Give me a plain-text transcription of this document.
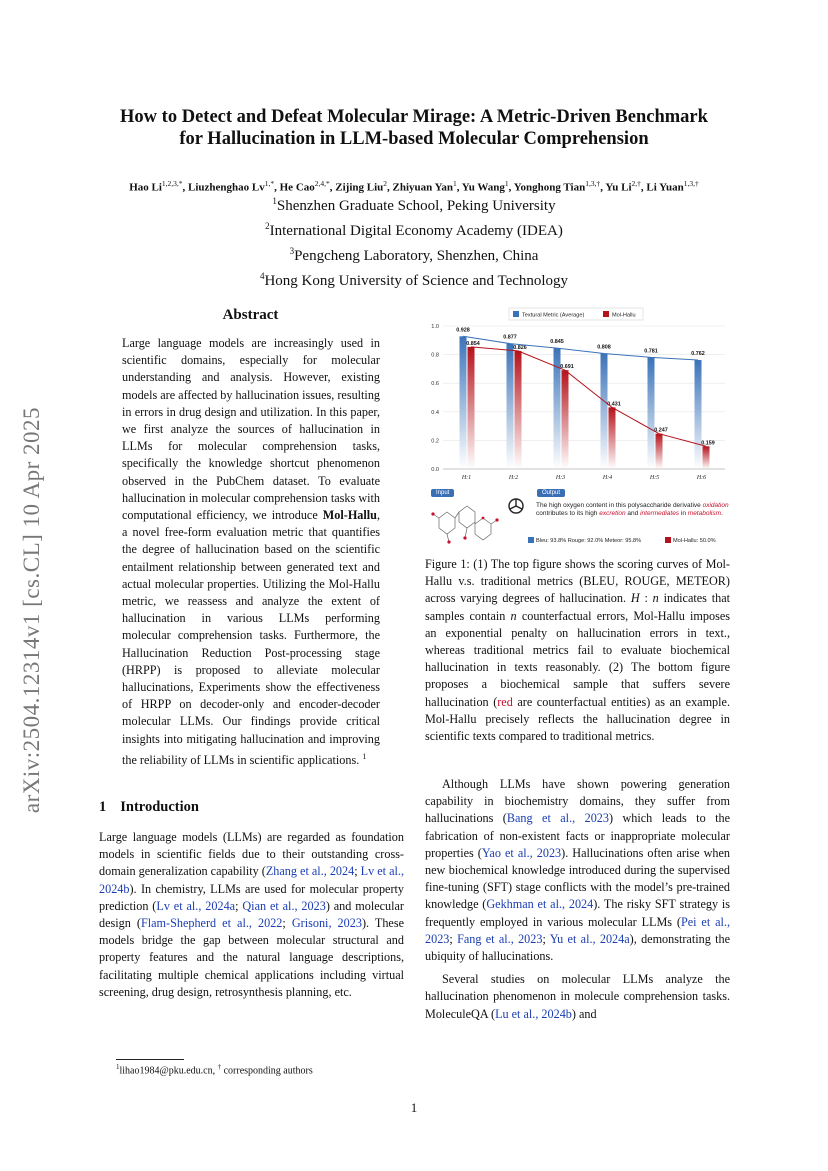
arXiv:2504.12314v1 [cs.CL] 10 Apr 2025
How to Detect and Defeat Molecular Mirage: A Metric-Driven Benchmark
for Hallucination in LLM-based Molecular Comprehension
Hao $Li^{1,2,3,*}$, Liuzhenghao $Lv^{1,*}$, He Cao$^{2,4,*}$, Zijing Liu$^2$, Zhiyuan Yan$^1$, Yu Wang$^1$, Yonghong Tian$^{1,3,\dagger}$, Yu $Li^{2,\dagger}$, Li Yuan$^{1,3,\dagger}$
$^1$Shenzhen Graduate School, Peking University
$^2$International Digital Economy Academy (IDEA)
$^3$Pengcheng Laboratory, Shenzhen, China
$^4$Hong Kong University of Science and Technology
Abstract
Large language models are increasingly used in scientific domains, especially for molecular understanding and analysis. However, existing models are affected by hallucination issues, resulting in errors in drug design and utilization. In this paper, we first analyze the sources of hallucination in LLMs for molecular comprehension tasks, specifically the knowledge shortcut phenomenon observed in the PubChem dataset. To evaluate hallucination in molecular comprehension tasks with computational efficiency, we introduce Mol-Hallu, a novel free-form evaluation metric that quantifies the degree of hallucination based on the scientific entailment relationship between generated text and actual molecular properties. Utilizing the Mol-Hallu metric, we reassess and analyze the extent of hallucination in various LLMs performing molecular comprehension tasks. Furthermore, the Hallucination Reduction Post-processing stage (HRPP) is proposed to alleviate molecular hallucinations, Experiments show the effectiveness of HRPP on decoder-only and encoder-decoder molecular LLMs. Our findings provide critical insights into mitigating hallucination and improving the reliability of LLMs in scientific applications. $^1$
1 Introduction
Large language models (LLMs) are regarded as foundation models in scientific fields due to their outstanding cross-domain generalization capability (Zhang et al., 2024; Lv et al., 2024b). In chemistry, LLMs are used for molecular property prediction (Lv et al., 2024a; Qian et al., 2023) and molecular design (Flam-Shepherd et al., 2022; Grisoni, 2023). These models bridge the gap between molecular structural and property features and the natural language descriptions, facilitating multiple chemical applications including virtual screening, drug design, retrosynthesis planning, etc.
$^1$lihao1984@pku.edu.cn, † corresponding authors
Textural Metric (Average)	Mol-Hallu
0.0
0.2
0.4
0.6
0.8
1.0
0.928
0.854
H:1
0.877
0.826
H:2
0.845
0.691
H:3
0.808
0.431
H:4
0.781
0.247
H:5
0.762
0.159
H:6
Input	Output
The high oxygen content in this polysaccharide derivative oxidation contributes to its high excretion and intermediates in metabolism.
Bleu: 93.8% Rouge: 92.0% Meteor: 95.8%	Mol-Hallu: 50.0%
Figure 1: (1) The top figure shows the scoring curves of Mol-Hallu v.s. traditional metrics (BLEU, ROUGE, METEOR) across varying degrees of hallucination. H : n indicates that samples contain n counterfactual errors, Mol-Hallu imposes an exponential penalty on hallucination errors in text., whereas traditional metrics fail to evaluate biochemical hallucination in texts reasonably. (2) The bottom figure proposes a biochemical sample that suffers severe hallucination (red are counterfactual entities) as an example. Mol-Hallu precisely reflects the hallucination degree in scientific texts compared to traditional metrics.

Although LLMs have shown powering generation capability in biochemistry domains, they suffer from hallucinations (Bang et al., 2023) which leads to the fabrication of non-existent facts or inappropriate molecular properties (Yao et al., 2023). Hallucinations often arise when new biochemical knowledge introduced during the supervised fine-tuning (SFT) stage conflicts with the model’s pre-trained knowledge (Gekhman et al., 2024). The risky SFT strategy is frequently employed in various molecular LLMs (Pei et al., 2023; Fang et al., 2023; Yu et al., 2024a), demonstrating the ubiquity of hallucinations.

Several studies on molecular LLMs analyze the hallucination phenomenon in molecule comprehension tasks. MoleculeQA (Lu et al., 2024b) and

1
